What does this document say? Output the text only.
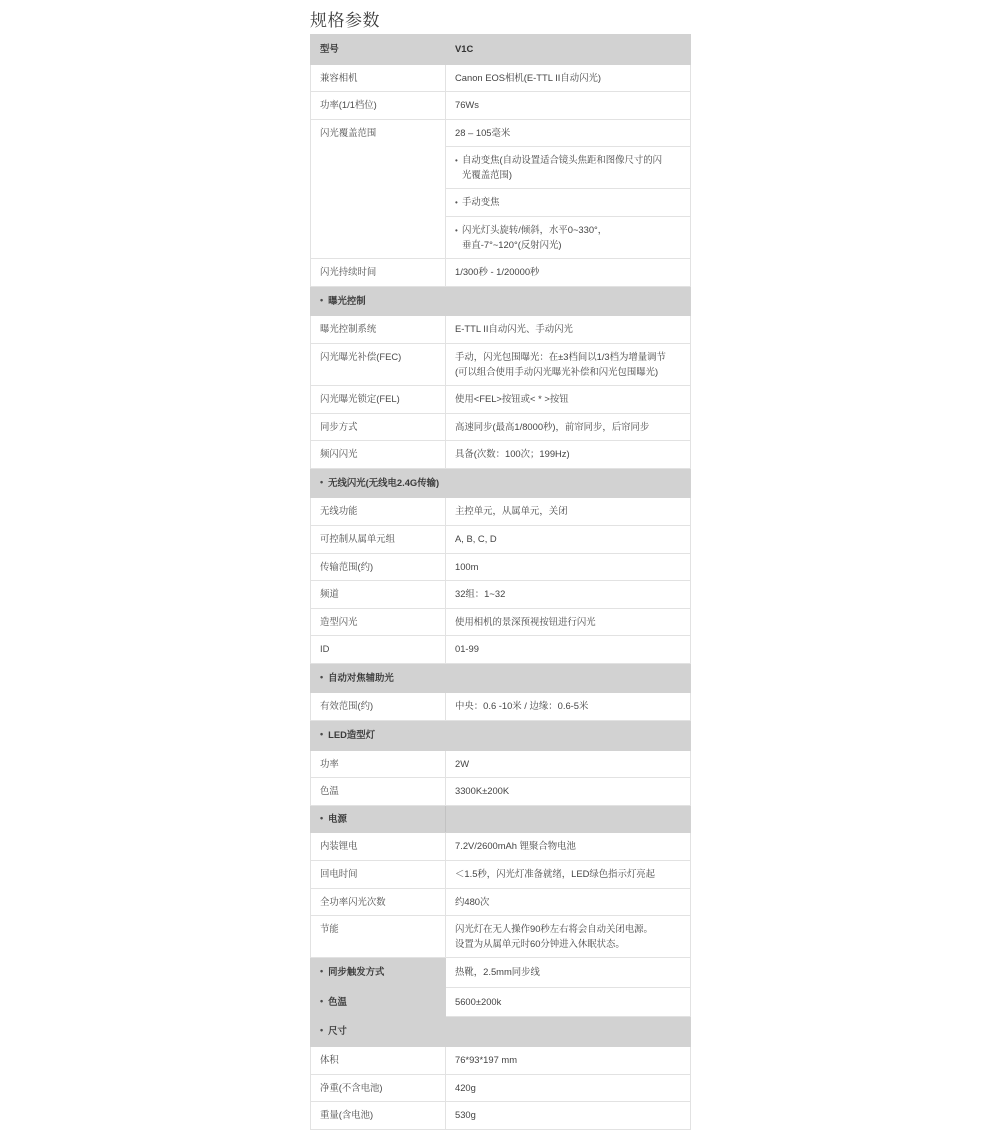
规格参数
型号	V1C
兼容相机	Canon EOS相机(E-TTL II自动闪光)
功率(1/1档位)	76Ws
闪光覆盖范围	28 – 105毫米

	• 自动变焦(自动设置适合镜头焦距和图像尺寸的闪
光覆盖范围)

	• 手动变焦

	• 闪光灯头旋转/倾斜，水平0~330°，
垂直-7°~120°(反射闪光)

闪光持续时间	1/300秒 - 1/20000秒
• 曝光控制	
曝光控制系统	E-TTL II自动闪光、手动闪光
闪光曝光补偿(FEC)	手动，闪光包围曝光：在±3档间以1/3档为增量调节
(可以组合使用手动闪光曝光补偿和闪光包围曝光)

闪光曝光锁定(FEL)	使用<FEL>按钮或< * >按钮
同步方式	高速同步(最高1/8000秒)，前帘同步，后帘同步
频闪闪光	具备(次数：100次；199Hz)
• 无线闪光(无线电2.4G传输)	
无线功能	主控单元，从属单元，关闭
可控制从属单元组	A, B, C, D
传输范围(约)	100m
频道	32组：1~32
造型闪光	使用相机的景深预视按钮进行闪光
ID	01-99
• 自动对焦辅助光	
有效范围(约)	中央：0.6 -10米 / 边缘：0.6-5米
• LED造型灯	
功率	2W
色温	3300K±200K
• 电源	
内装锂电	7.2V/2600mAh 锂聚合物电池
回电时间	＜1.5秒，闪光灯准备就绪，LED绿色指示灯亮起
全功率闪光次数	约480次
节能	闪光灯在无人操作90秒左右将会自动关闭电源。
设置为从属单元时60分钟进入休眠状态。

• 同步触发方式	热靴，2.5mm同步线
• 色温	5600±200k
• 尺寸	
体积	76*93*197 mm
净重(不含电池)	420g
重量(含电池)	530g
